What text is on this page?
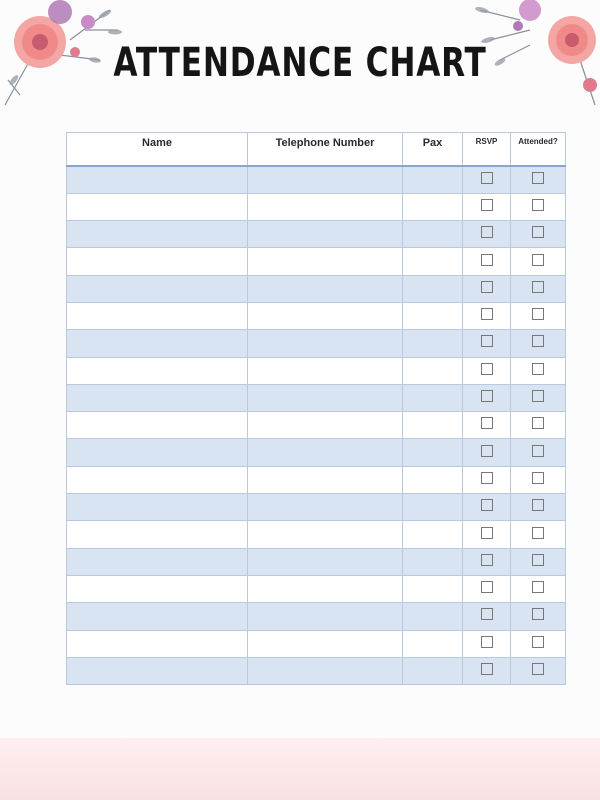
ATTENDANCE CHART
Name	Telephone Number	Pax	RSVP	Attended?
